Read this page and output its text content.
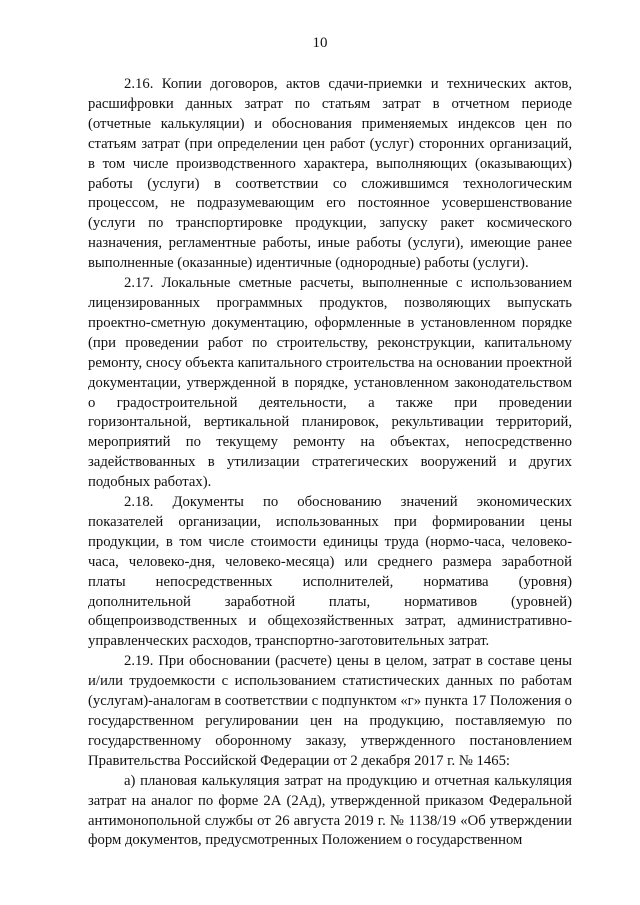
10

2.16. Копии договоров, актов сдачи-приемки и технических актов, расшифровки данных затрат по статьям затрат в отчетном периоде (отчетные калькуляции) и обоснования применяемых индексов цен по статьям затрат (при определении цен работ (услуг) сторонних организаций, в том числе производственного характера, выполняющих (оказывающих) работы (услуги) в соответствии со сложившимся технологическим процессом, не подразумевающим его постоянное усовершенствование (услуги по транспортировке продукции, запуску ракет космического назначения, регламентные работы, иные работы (услуги), имеющие ранее выполненные (оказанные) идентичные (однородные) работы (услуги).

2.17. Локальные сметные расчеты, выполненные с использованием лицензированных программных продуктов, позволяющих выпускать проектно-сметную документацию, оформленные в установленном порядке (при проведении работ по строительству, реконструкции, капитальному ремонту, сносу объекта капитального строительства на основании проектной документации, утвержденной в порядке, установленном законодательством о градостроительной деятельности, а также при проведении горизонтальной, вертикальной планировок, рекультивации территорий, мероприятий по текущему ремонту на объектах, непосредственно задействованных в утилизации стратегических вооружений и других подобных работах).

2.18. Документы по обоснованию значений экономических показателей организации, использованных при формировании цены продукции, в том числе стоимости единицы труда (нормо-часа, человеко-часа, человеко-дня, человеко-месяца) или среднего размера заработной платы непосредственных исполнителей, норматива (уровня) дополнительной заработной платы, нормативов (уровней) общепроизводственных и общехозяйственных затрат, административно-управленческих расходов, транспортно-заготовительных затрат.

2.19. При обосновании (расчете) цены в целом, затрат в составе цены и/или трудоемкости с использованием статистических данных по работам (услугам)-аналогам в соответствии с подпунктом «г» пункта 17 Положения о государственном регулировании цен на продукцию, поставляемую по государственному оборонному заказу, утвержденного постановлением Правительства Российской Федерации от 2 декабря 2017 г. № 1465:

а) плановая калькуляция затрат на продукцию и отчетная калькуляция затрат на аналог по форме 2А (2Ад), утвержденной приказом Федеральной антимонопольной службы от 26 августа 2019 г. № 1138/19 «Об утверждении форм документов, предусмотренных Положением о государственном
